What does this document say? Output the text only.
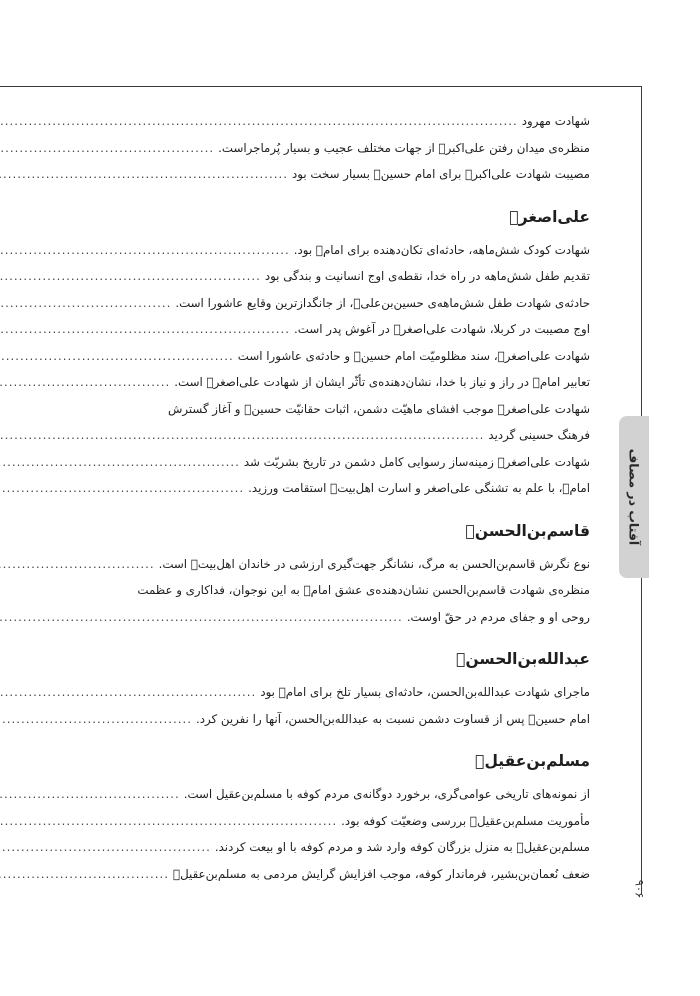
آفتاب در مصاف
۹۰۶
شهادت مهرود
.....
منظره‌ی میدان رفتن علی‌اکبر﷣ از جهات مختلف عجیب و بسیار پُرماجراست.
.....
مصیبت شهادت علی‌اکبر﷣ برای امام حسین﷣ بسیار سخت بود
.....
علی‌اصغر﷣
شهادت کودک شش‌ماهه، حادثه‌ای تکان‌دهنده برای امام﷣ بود.
.....
تقدیم طفل شش‌ماهه در راه خدا، نقطه‌ی اوج انسانیت و بندگی بود
.....
حادثه‌ی شهادت طفل شش‌ماهه‌ی حسین‌بن‌علی﷣، از جانگدازترین وقایع عاشورا است.
.....
اوج مصیبت در کربلا، شهادت علی‌اصغر﷣ در آغوش پدر است.
.....
شهادت علی‌اصغر﷣، سند مظلومیّت امام حسین﷣ و حادثه‌ی عاشورا است
.....
تعابیر امام﷣ در راز و نیاز با خدا، نشان‌دهنده‌ی تأثّر ایشان از شهادت علی‌اصغر﷣ است.
.....
شهادت علی‌اصغر﷣ موجب افشای ماهیّت دشمن، اثبات حقانیّت حسین﷣ و آغاز گسترش
فرهنگ حسینی گردید
.....
شهادت علی‌اصغر﷣ زمینه‌ساز رسوایی کامل دشمن در تاریخ بشریّت شد
.....
امام﷣، با علم به تشنگی علی‌اصغر و اسارت اهل‌بیت﷣ استقامت ورزید.
.....
قاسم‌بن‌الحسن﷣
نوع نگرش قاسم‌بن‌الحسن به مرگ، نشانگر جهت‌گیری ارزشی در خاندان اهل‌بیت﷣ است.
.....
منظره‌ی شهادت قاسم‌بن‌الحسن نشان‌دهنده‌ی عشق امام﷣ به این نوجوان، فداکاری و عظمت
روحی او و جفای مردم در حقّ اوست.
.....
عبدالله‌بن‌الحسن﷣
ماجرای شهادت عبدالله‌بن‌الحسن، حادثه‌ای بسیار تلخ برای امام﷣ بود
.....
امام حسین﷣ پس از قساوت دشمن نسبت به عبدالله‌بن‌الحسن، آنها را نفرین کرد.
.....
مسلم‌بن‌عقیل﷣
از نمونه‌های تاریخی عوامی‌گری، برخورد دوگانه‌ی مردم کوفه با مسلم‌بن‌عقیل است.
.....
مأموریت مسلم‌بن‌عقیل﷣ بررسی وضعیّت کوفه بود.
.....
مسلم‌بن‌عقیل﷣ به منزل بزرگان کوفه وارد شد و مردم کوفه با او بیعت کردند.
.....
ضعف نُعمان‌بن‌بشیر، فرماندار کوفه، موجب افزایش گرایش مردمی به مسلم‌بن‌عقیل﷣
.....
